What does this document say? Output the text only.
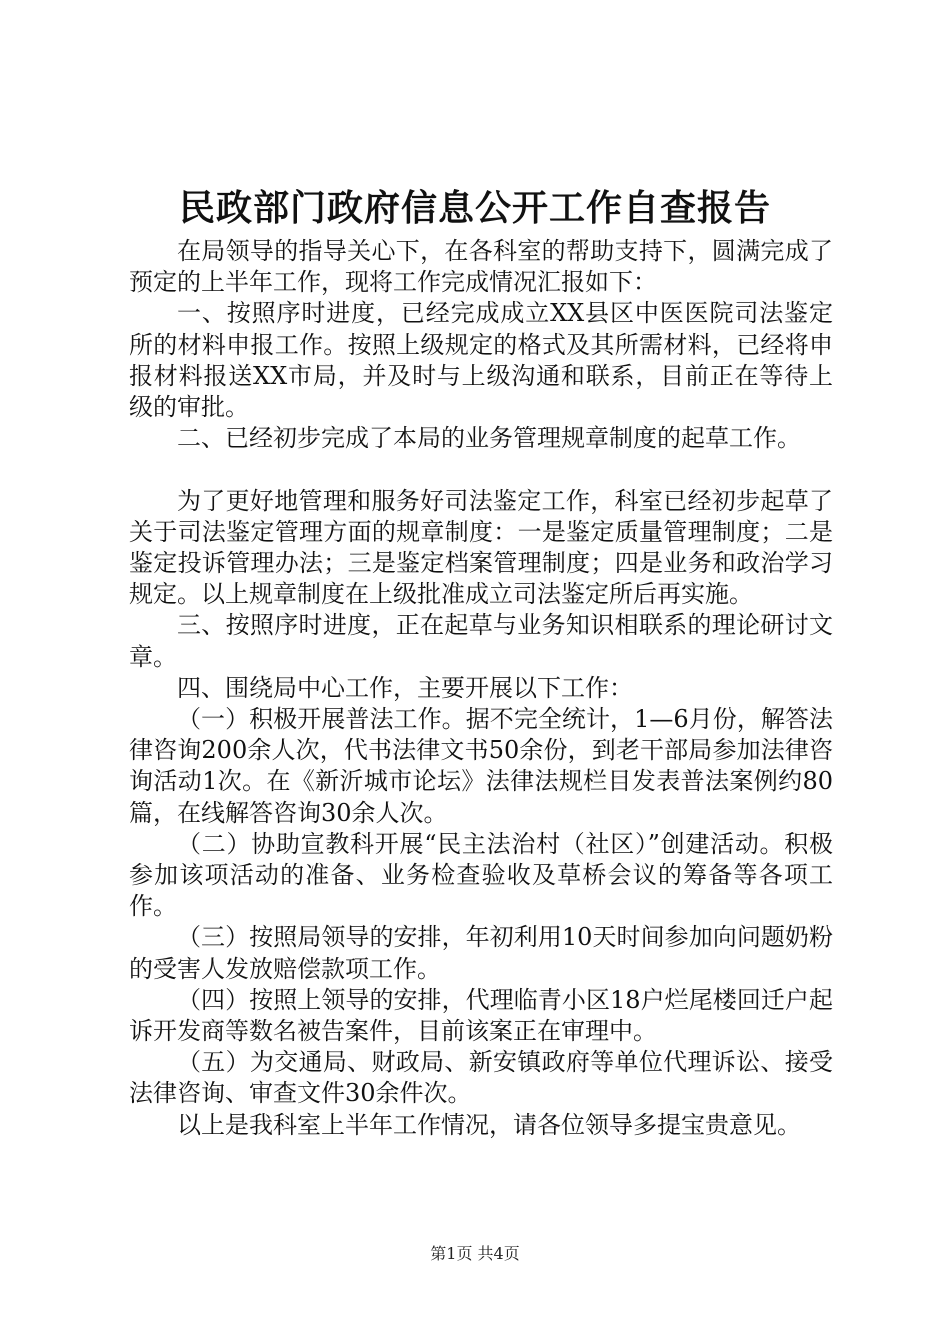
民政部门政府信息公开工作自查报告

在局领导的指导关心下，在各科室的帮助支持下，圆满完成了预定的上半年工作，现将工作完成情况汇报如下：

一、按照序时进度，已经完成成立XX县区中医医院司法鉴定所的材料申报工作。按照上级规定的格式及其所需材料，已经将申报材料报送XX市局，并及时与上级沟通和联系，目前正在等待上级的审批。

二、已经初步完成了本局的业务管理规章制度的起草工作。

为了更好地管理和服务好司法鉴定工作，科室已经初步起草了关于司法鉴定管理方面的规章制度：一是鉴定质量管理制度；二是鉴定投诉管理办法；三是鉴定档案管理制度；四是业务和政治学习规定。以上规章制度在上级批准成立司法鉴定所后再实施。

三、按照序时进度，正在起草与业务知识相联系的理论研讨文章。

四、围绕局中心工作，主要开展以下工作：

（一）积极开展普法工作。据不完全统计，1—6月份，解答法律咨询200余人次，代书法律文书50余份，到老干部局参加法律咨询活动1次。在《新沂城市论坛》法律法规栏目发表普法案例约80篇，在线解答咨询30余人次。

（二）协助宣教科开展“民主法治村（社区）”创建活动。积极参加该项活动的准备、业务检查验收及草桥会议的筹备等各项工作。

（三）按照局领导的安排，年初利用10天时间参加向问题奶粉的受害人发放赔偿款项工作。

（四）按照上领导的安排，代理临青小区18户烂尾楼回迁户起诉开发商等数名被告案件，目前该案正在审理中。

（五）为交通局、财政局、新安镇政府等单位代理诉讼、接受法律咨询、审查文件30余件次。

以上是我科室上半年工作情况，请各位领导多提宝贵意见。

第1页 共4页
